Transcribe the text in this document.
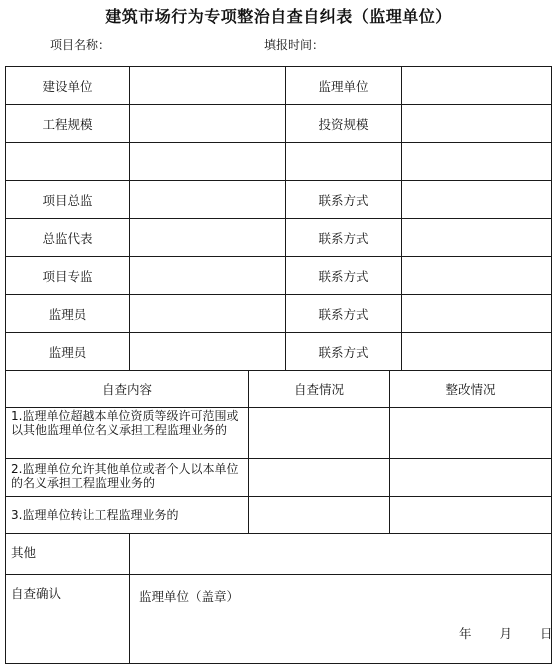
建筑市场行为专项整治自查自纠表（监理单位）
项目名称：	填报时间：
建设单位	监理单位
工程规模	投资规模
项目总监	联系方式
总监代表	联系方式
项目专监	联系方式
监理员	联系方式
监理员	联系方式
自查内容	自查情况	整改情况
1.监理单位超越本单位资质等级许可范围或以其他监理单位名义承担工程监理业务的
2.监理单位允许其他单位或者个人以本单位的名义承担工程监理业务的
3.监理单位转让工程监理业务的
其他
自查确认	监理单位（盖章）
年 月 日
